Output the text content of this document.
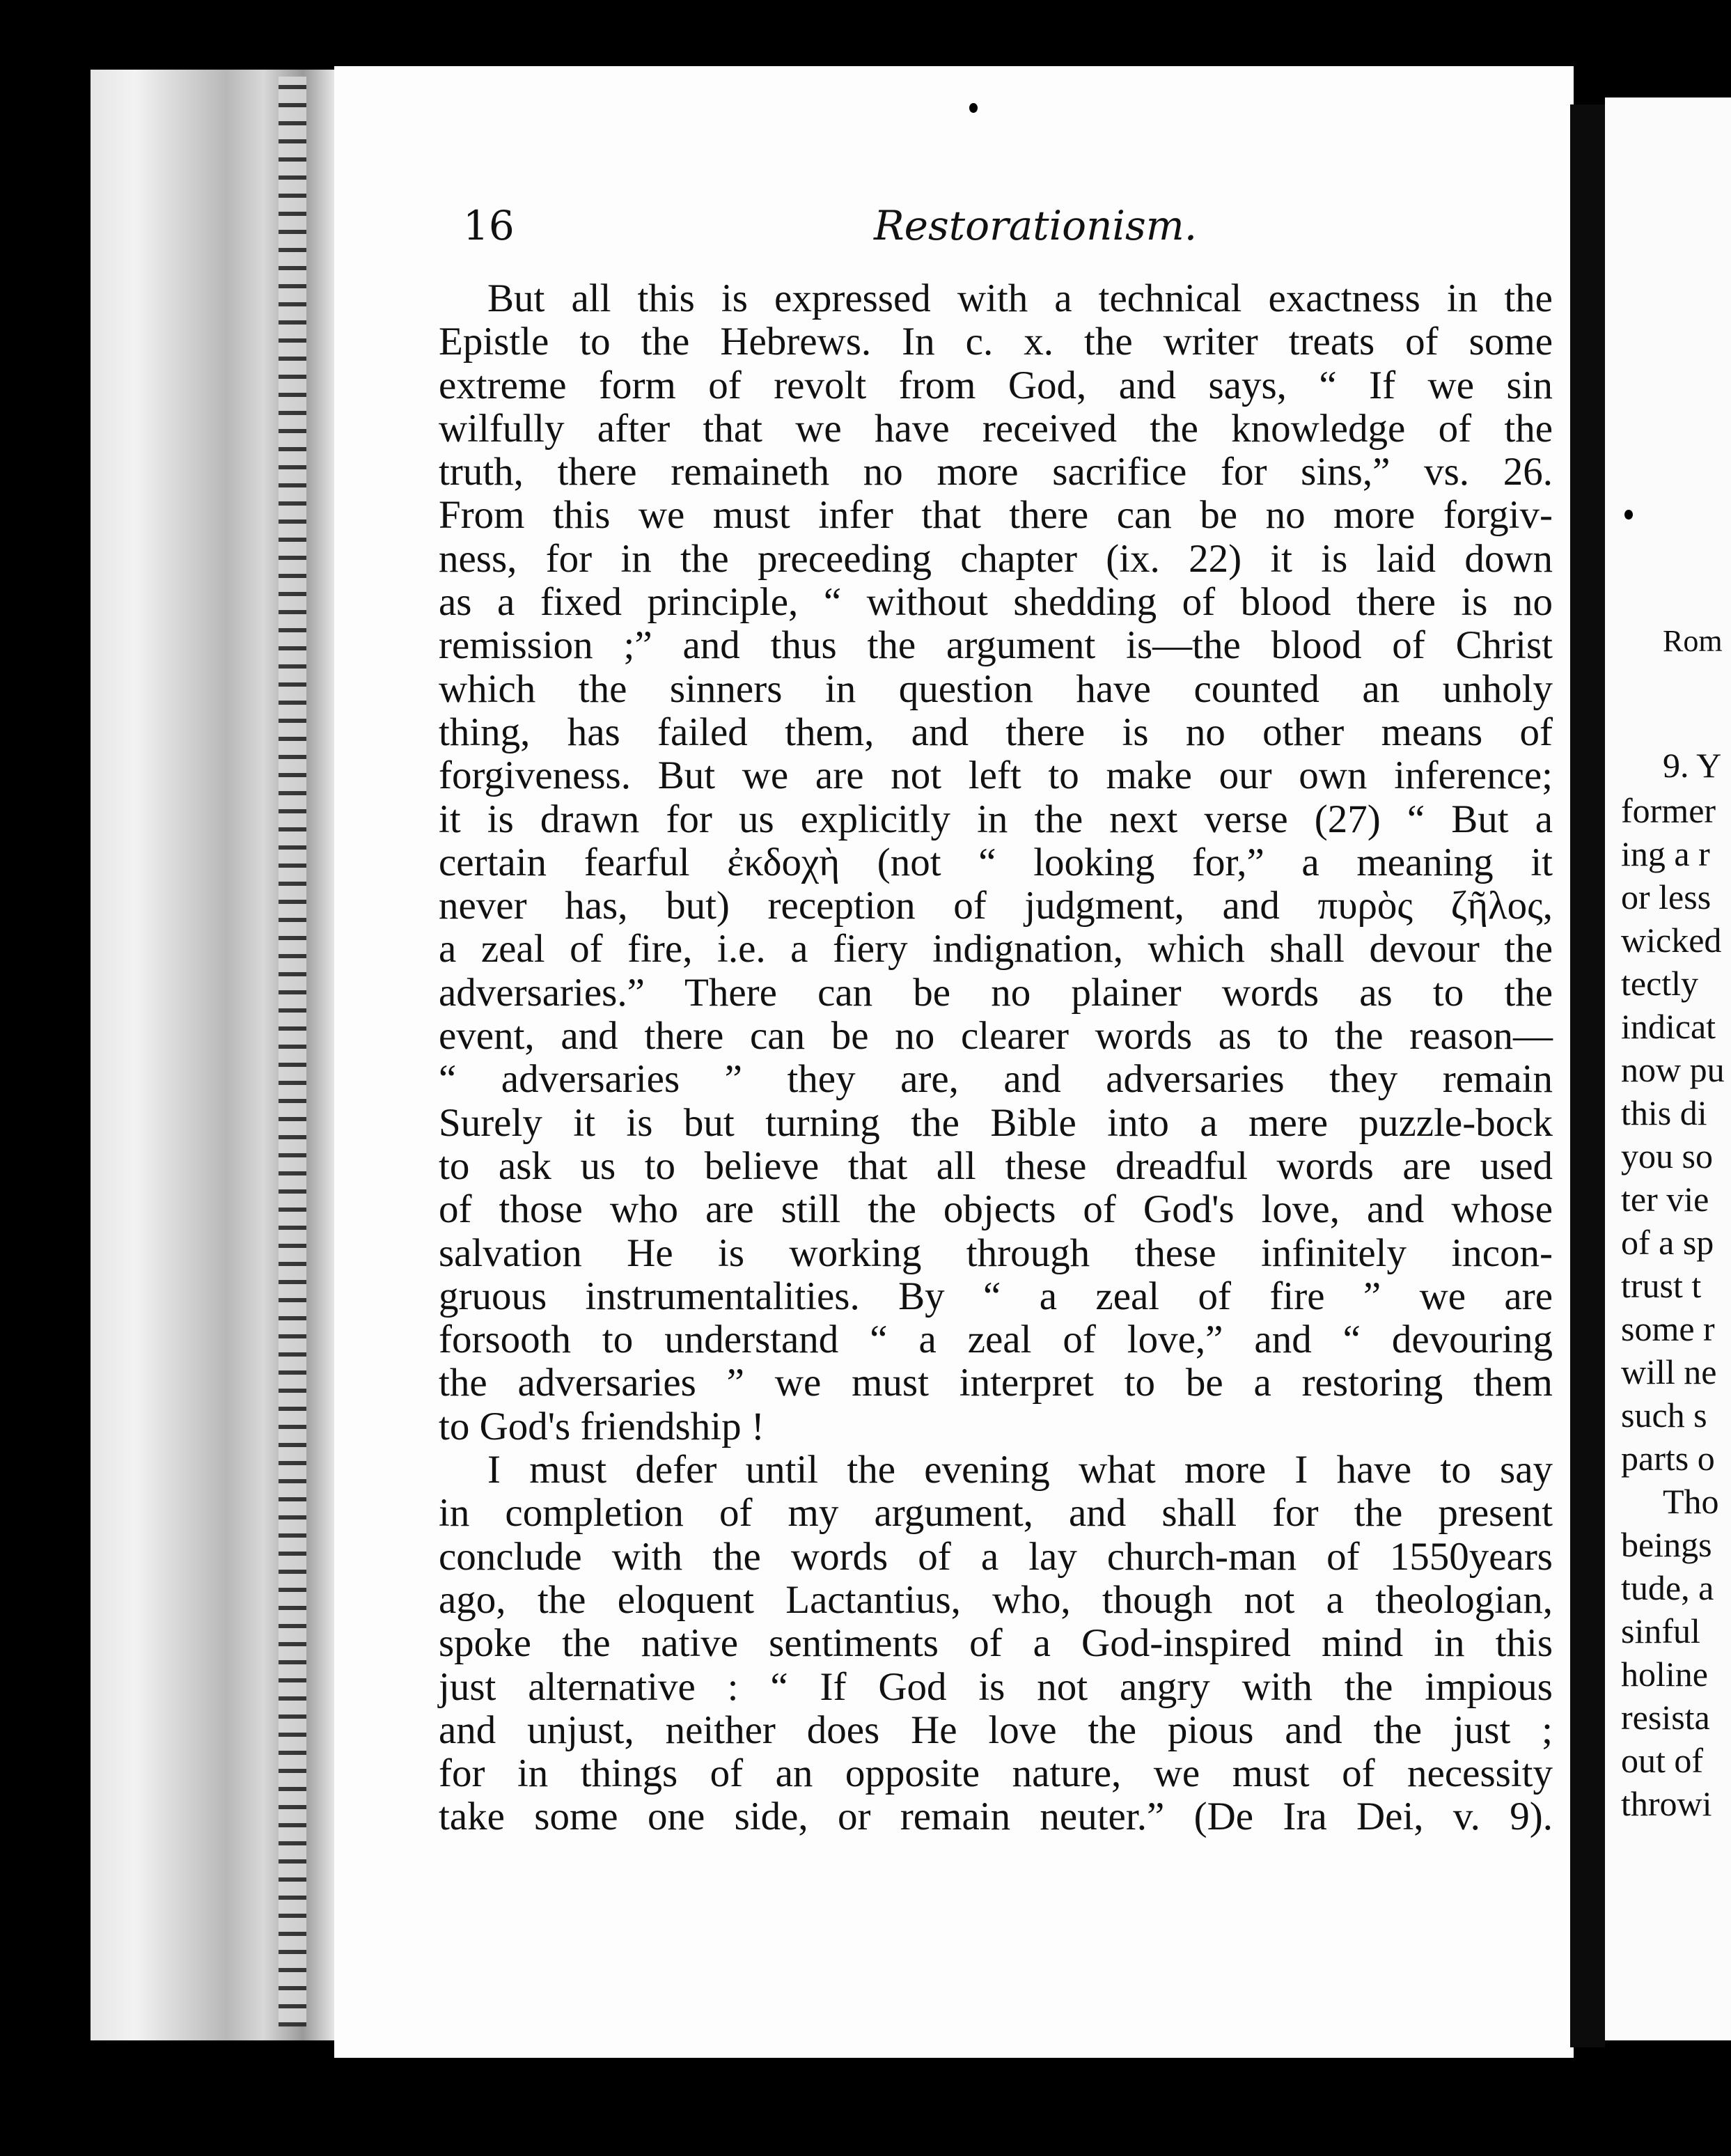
16	Restorationism.
But all this is expressed with a technical exactness in the
Epistle to the Hebrews. In c. x. the writer treats of some
extreme form of revolt from God, and says, “ If we sin
wilfully after that we have received the knowledge of the
truth, there remaineth no more sacrifice for sins,” vs. 26.
From this we must infer that there can be no more forgiv-
ness, for in the preceeding chapter (ix. 22) it is laid down
as a fixed principle, “ without shedding of blood there is no
remission ;” and thus the argument is—the blood of Christ
which the sinners in question have counted an unholy
thing, has failed them, and there is no other means of
forgiveness. But we are not left to make our own inference;
it is drawn for us explicitly in the next verse (27) “ But a
certain fearful ἐκδοχὴ (not “ looking for,” a meaning it
never has, but) reception of judgment, and πυρὸς ζῆλος,
a zeal of fire, i.e. a fiery indignation, which shall devour the
adversaries.” There can be no plainer words as to the
event, and there can be no clearer words as to the reason—
“ adversaries ” they are, and adversaries they remain
Surely it is but turning the Bible into a mere puzzle-bock
to ask us to believe that all these dreadful words are used
of those who are still the objects of God's love, and whose
salvation He is working through these infinitely incon-
gruous instrumentalities. By “ a zeal of fire ” we are
forsooth to understand “ a zeal of love,” and “ devouring
the adversaries ” we must interpret to be a restoring them
to God's friendship !
I must defer until the evening what more I have to say
in completion of my argument, and shall for the present
conclude with the words of a lay church-man of 1550years
ago, the eloquent Lactantius, who, though not a theologian,
spoke the native sentiments of a God-inspired mind in this
just alternative : “ If God is not angry with the impious
and unjust, neither does He love the pious and the just ;
for in things of an opposite nature, we must of necessity
take some one side, or remain neuter.” (De Ira Dei, v. 9).
Rom
9. Y
former
ing a r
or less
wicked
tectly
indicat
now pu
this di
you so
ter vie
of a sp
trust t
some r
will ne
such s
parts o
Tho
beings
tude, a
sinful
holine
resista
out of
throwi
